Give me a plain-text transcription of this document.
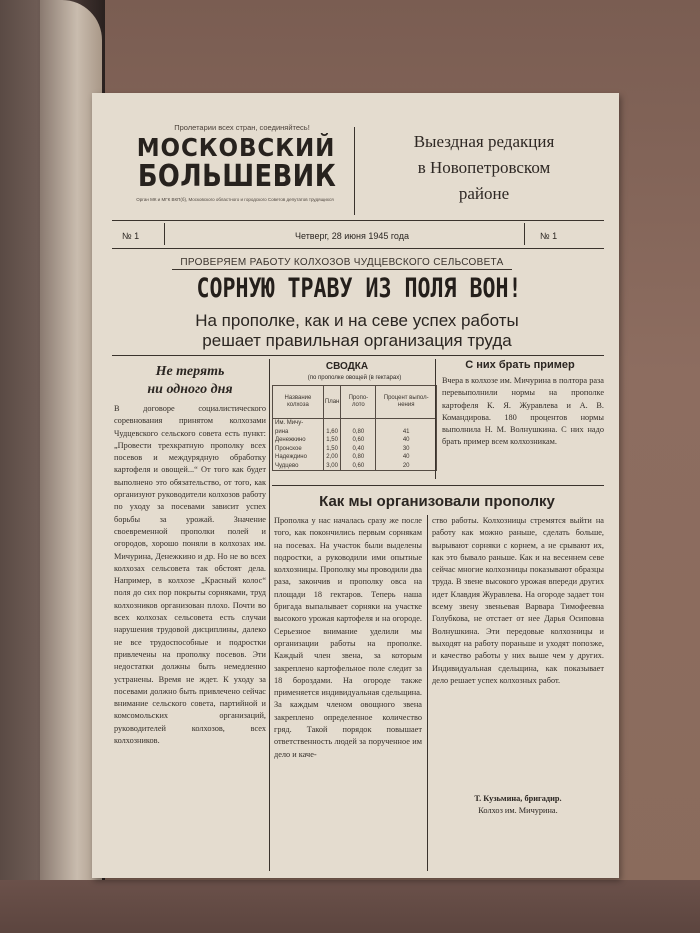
Пролетарии всех стран, соединяйтесь!
МОСКОВСКИЙ
БОЛЬШЕВИК
Орган МК и МГК ВКП(б), Московского областного и городского Советов депутатов трудящихся
Выездная редакция
в Новопетровском
районе
№ 1	Четверг, 28 июня 1945 года	№ 1
ПРОВЕРЯЕМ РАБОТУ КОЛХОЗОВ ЧУДЦЕВСКОГО СЕЛЬСОВЕТА
СОРНУЮ ТРАВУ ИЗ ПОЛЯ ВОН!
На прополке, как и на севе успех работы
решает правильная организация труда
Не терять
ни одного дня
В договоре социалистического соревнования принятом колхозами Чудцевского сельского совета есть пункт: „Провести трехкратную прополку всех посевов и междурядную обработку картофеля и овощей...“ От того как будет выполнено это обязательство, от того, как организуют руководители колхозов работу по уходу за посевами зависит успех борьбы за урожай. Значение своевременной прополки полей и огородов, хорошо поняли в колхозах им. Мичурина, Денежкино и др. Но не во всех колхозах сельсовета так обстоят дела. Например, в колхозе „Красный колос“ поля до сих пор покрыты сорняками, труд колхозников организован плохо. Почти во всех колхозах сельсовета есть случаи нарушения трудовой дисциплины, далеко не все трудоспособные и подростки привлечены на прополку посевов. Эти недостатки должны быть немедленно устранены. Время не ждет. К уходу за посевами должно быть привлечено сейчас внимание сельского совета, партийной и комсомольских организаций, руководителей колхозов, всех колхозников.
СВОДКА
(по прополке овощей (в гектарах)
Название колхоза	План	Пропо- лото	Процент выпол- нения
Им. Мичу-			
рина	1,60	0,80	41
Денежкино	1,50	0,60	40
Пронское	1,50	0,40	30
Надеждино	2,00	0,80	40
Чудцево	3,00	0,60	20
С них брать пример
Вчера в колхозе им. Мичурина в полтора раза перевыполнили нормы на прополке картофеля К. Я. Журавлева и А. В. Командирова. 180 процентов нормы выполнила Н. М. Волнушкина. С них надо брать пример всем колхозникам.
Как мы организовали прополку
Прополка у нас началась сразу же после того, как покончились первым сорнякам на посевах. На участок были выделены подростки, а руководили ими опытные колхозницы. Прополку мы проводили два раза, закончив и прополку овса на площади 18 гектаров. Теперь наша бригада выпалывает сорняки на участке высокого урожая картофеля и на огороде. Серьезное внимание уделили мы организации работы на прополке. Каждый член звена, за которым закреплено картофельное поле следит за 18 бороздами. На огороде также применяется индивидуальная сдельщина. За каждым членом овощного звена закреплено определенное количество гряд. Такой порядок повышает ответственность людей за порученное им дело и каче-
ство работы. Колхозницы стремятся выйти на работу как можно раньше, сделать больше, вырывают сорняки с корнем, а не срывают их, как это бывало раньше. Как и на весеннем севе сейчас многие колхозницы показывают образцы труда. В звене высокого урожая впереди других идет Клавдия Журавлева. На огороде задает тон всему звену звеньевая Варвара Тимофеевна Голубкова, не отстает от нее Дарья Осиповна Волнушкина. Эти передовые колхозницы и выходят на работу пораньше и уходят попозже, и качество работы у них выше чем у других. Индивидуальная сдельщина, как показывает дело решает успех колхозных работ.
Т. Кузьмина, бригадир.
Колхоз им. Мичурина.
